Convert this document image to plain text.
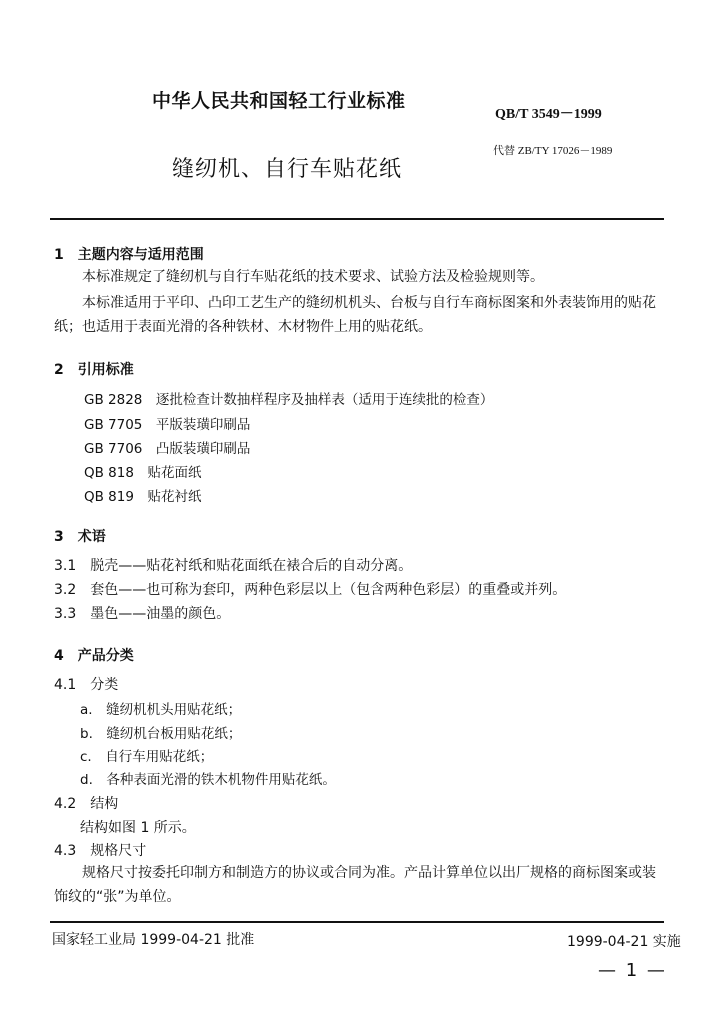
中华人民共和国轻工行业标准
QB/T 3549－1999
缝纫机、自行车贴花纸
代替 ZB/TY 17026－1989
1　主题内容与适用范围
本标准规定了缝纫机与自行车贴花纸的技术要求、试验方法及检验规则等。
本标准适用于平印、凸印工艺生产的缝纫机机头、台板与自行车商标图案和外表装饰用的贴花纸；也适用于表面光滑的各种铁材、木材物件上用的贴花纸。
2　引用标准
GB 2828　逐批检查计数抽样程序及抽样表（适用于连续批的检查）
GB 7705　平版装璜印刷品
GB 7706　凸版装璜印刷品
QB 818　贴花面纸
QB 819　贴花衬纸
3　术语
3.1　脱壳——贴花衬纸和贴花面纸在裱合后的自动分离。
3.2　套色——也可称为套印，两种色彩层以上（包含两种色彩层）的重叠或并列。
3.3　墨色——油墨的颜色。
4　产品分类
4.1　分类
a.　缝纫机机头用贴花纸；
b.　缝纫机台板用贴花纸；
c.　自行车用贴花纸；
d.　各种表面光滑的铁木机物件用贴花纸。
4.2　结构
结构如图 1 所示。
4.3　规格尺寸
规格尺寸按委托印制方和制造方的协议或合同为准。产品计算单位以出厂规格的商标图案或装饰纹的“张”为单位。
国家轻工业局 1999-04-21 批准	1999-04-21 实施
— 1 —
